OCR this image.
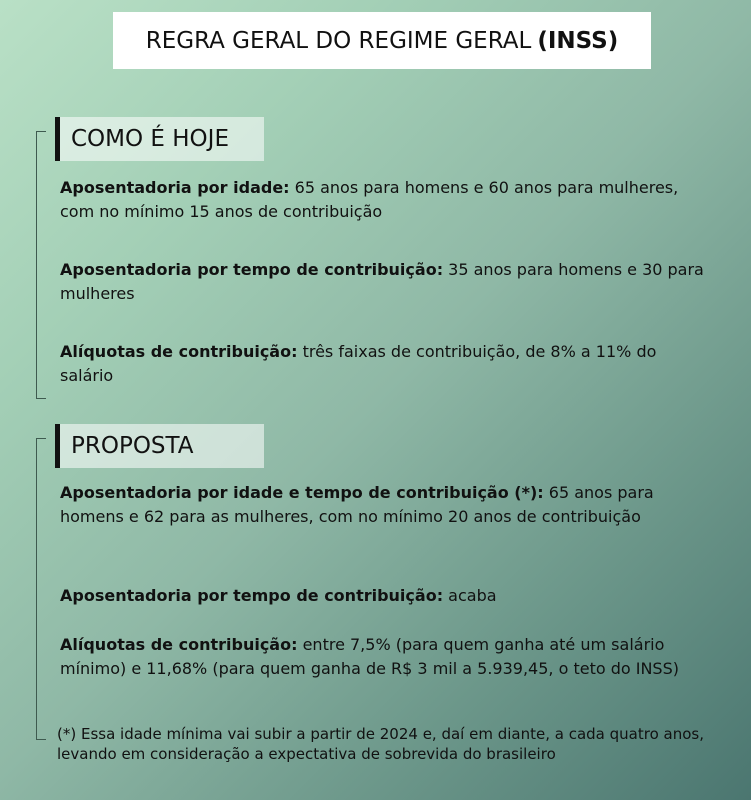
REGRA GERAL DO REGIME GERAL (INSS)
COMO É HOJE
Aposentadoria por idade: 65 anos para homens e 60 anos para mulheres, com no mínimo 15 anos de contribuição
Aposentadoria por tempo de contribuição: 35 anos para homens e 30 para mulheres
Alíquotas de contribuição: três faixas de contribuição, de 8% a 11% do salário
PROPOSTA
Aposentadoria por idade e tempo de contribuição (*): 65 anos para homens e 62 para as mulheres, com no mínimo 20 anos de contribuição
Aposentadoria por tempo de contribuição: acaba
Alíquotas de contribuição: entre 7,5% (para quem ganha até um salário mínimo) e 11,68% (para quem ganha de R$ 3 mil a 5.939,45, o teto do INSS)
(*) Essa idade mínima vai subir a partir de 2024 e, daí em diante, a cada quatro anos, levando em consideração a expectativa de sobrevida do brasileiro
